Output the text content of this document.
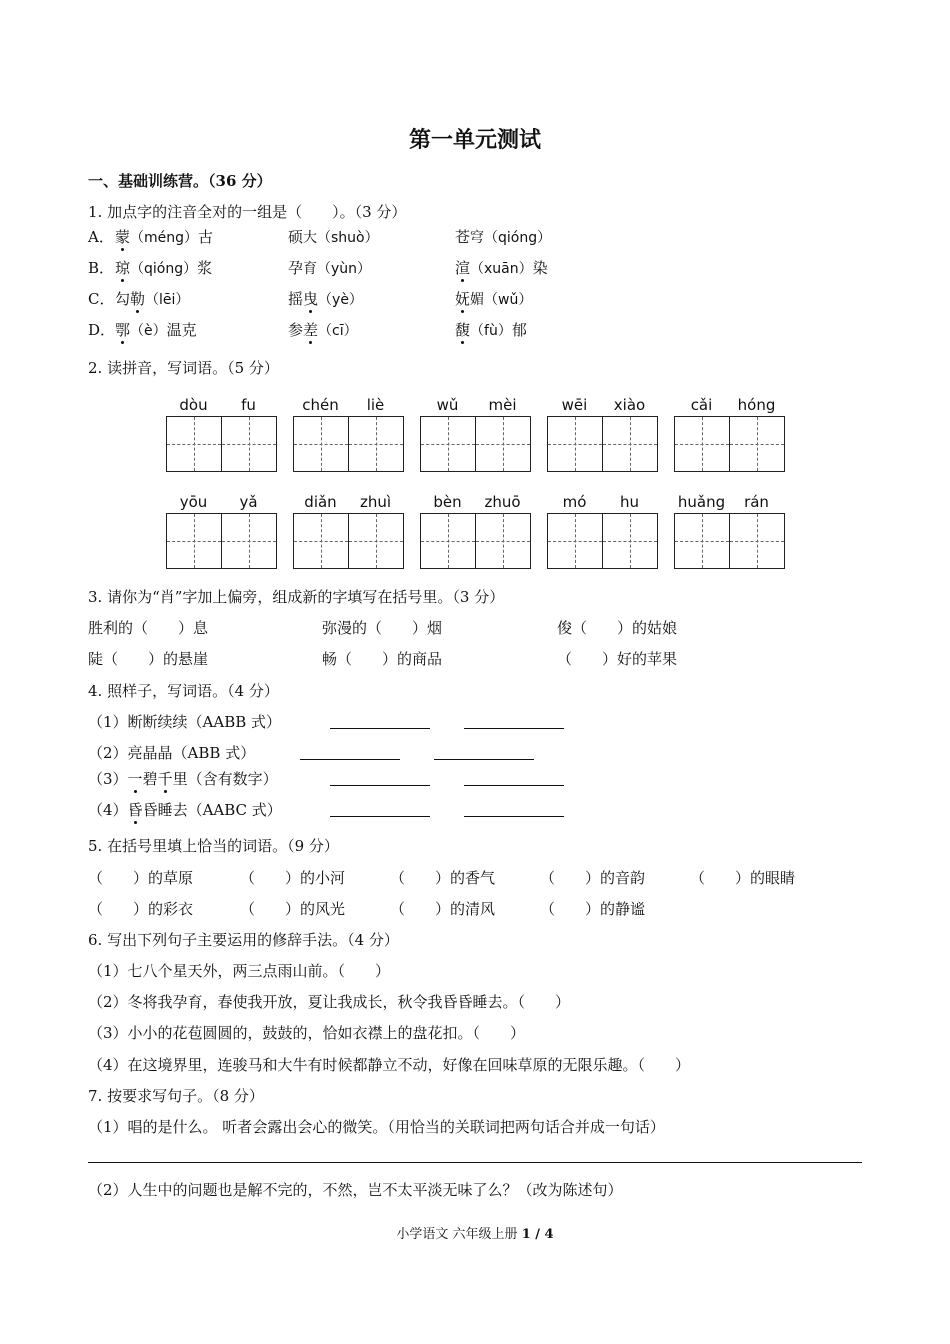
第一单元测试
一、基础训练营。（36 分）
1. 加点字的注音全对的一组是（　　）。（3 分）
A． 蒙（méng）古	硕大（shuò）	苍穹（qióng）
B． 琼（qióng）浆	孕育（yùn）	渲（xuān）染
C． 勾勒（lēi）	摇曳（yè）	妩媚（wǔ）
D． 鄂（è）温克	参差（cī）	馥（fù）郁
2. 读拼音，写词语。（5 分）
dòu	fu	chén	liè	wǔ	mèi	wēi	xiào	cǎi	hóng
yōu	yǎ	diǎn	zhuì	bèn	zhuō	mó	hu	huǎng	rán
3. 请你为“肖”字加上偏旁，组成新的字填写在括号里。（3 分）
胜利的（　　）息	弥漫的（　　）烟	俊（　　）的姑娘
陡（　　）的悬崖	畅（　　）的商品	（　　）好的苹果
4. 照样子，写词语。（4 分）
（1）断断续续（AABB 式）
（2）亮晶晶（ABB 式）
（3）一碧千里（含有数字）
（4）昏昏睡去（AABC 式）
5. 在括号里填上恰当的词语。（9 分）
（　　）的草原	（　　）的小河	（　　）的香气	（　　）的音韵	（　　）的眼睛
（　　）的彩衣	（　　）的风光	（　　）的清风	（　　）的静谧
6. 写出下列句子主要运用的修辞手法。（4 分）
（1）七八个星天外，两三点雨山前。（　　）
（2）冬将我孕育，春使我开放，夏让我成长，秋令我昏昏睡去。（　　）
（3）小小的花苞圆圆的，鼓鼓的，恰如衣襟上的盘花扣。（　　）
（4）在这境界里，连骏马和大牛有时候都静立不动，好像在回味草原的无限乐趣。（　　）
7. 按要求写句子。（8 分）
（1）唱的是什么。 听者会露出会心的微笑。（用恰当的关联词把两句话合并成一句话）
（2）人生中的问题也是解不完的，不然，岂不太平淡无味了么？（改为陈述句）
小学语文 六年级上册 1 / 4
